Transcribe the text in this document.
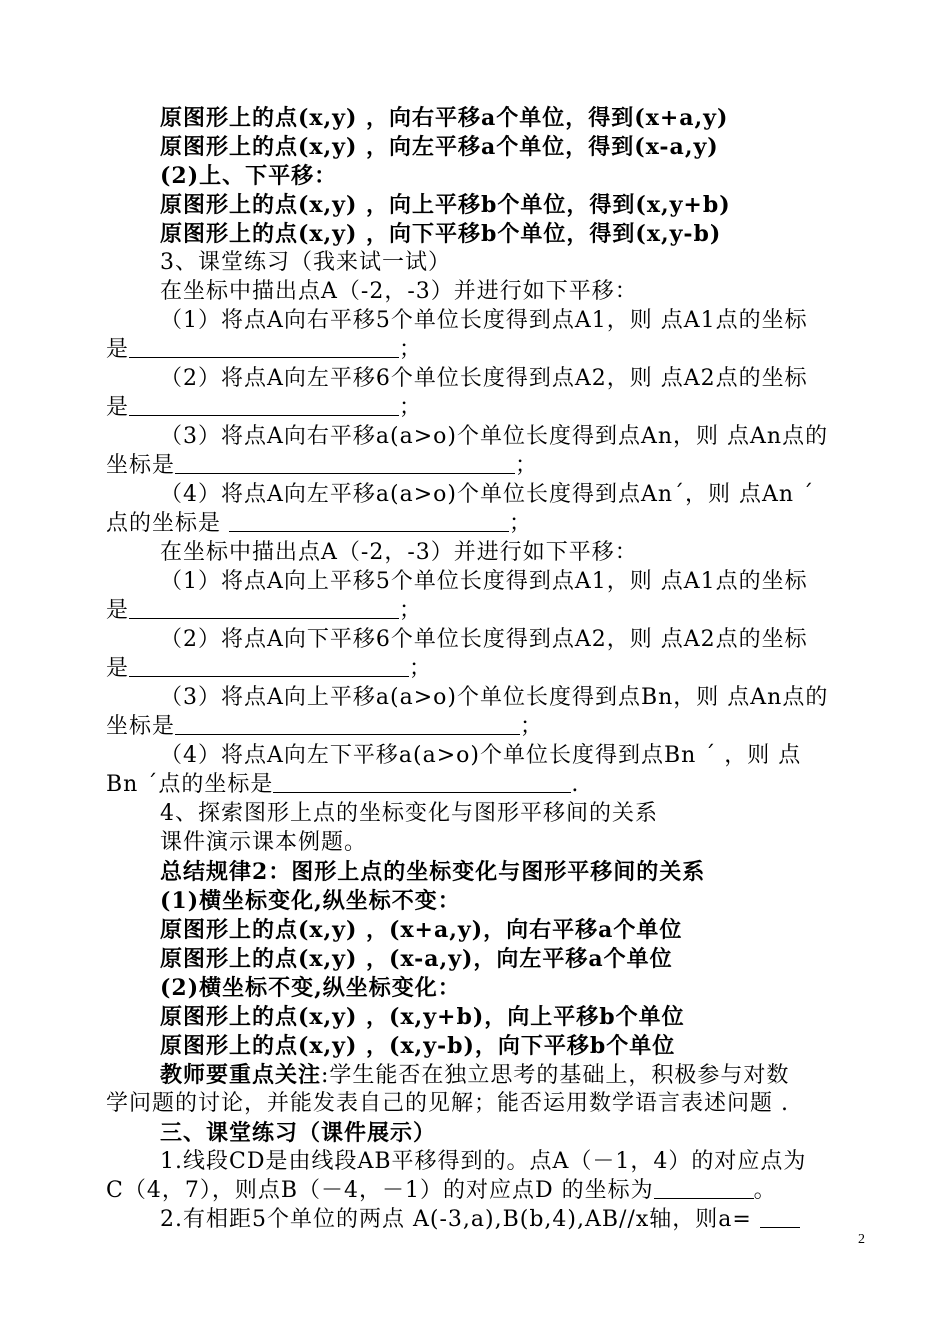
原图形上的点(x,y) ，向右平移a个单位，得到(x+a,y)
原图形上的点(x,y) ，向左平移a个单位，得到(x-a,y)
(2)上、下平移：
原图形上的点(x,y) ，向上平移b个单位，得到(x,y+b)
原图形上的点(x,y) ，向下平移b个单位，得到(x,y-b)
3、课堂练习（我来试一试）
在坐标中描出点A（-2，-3）并进行如下平移：
（1）将点A向右平移5个单位长度得到点A1，则 点A1点的坐标
是	；
（2）将点A向左平移6个单位长度得到点A2，则 点A2点的坐标
是	；
（3）将点A向右平移a(a>o)个单位长度得到点An，则 点An点的
坐标是	；
（4）将点A向左平移a(a>o)个单位长度得到点An´，则 点An ´
点的坐标是	；
在坐标中描出点A（-2，-3）并进行如下平移：
（1）将点A向上平移5个单位长度得到点A1，则 点A1点的坐标
是	；
（2）将点A向下平移6个单位长度得到点A2，则 点A2点的坐标
是	；
（3）将点A向上平移a(a>o)个单位长度得到点Bn，则 点An点的
坐标是	；
（4）将点A向左下平移a(a>o)个单位长度得到点Bn ´ ，则 点
Bn ´点的坐标是	.
4、探索图形上点的坐标变化与图形平移间的关系
课件演示课本例题。
总结规律2：图形上点的坐标变化与图形平移间的关系
(1)横坐标变化,纵坐标不变：
原图形上的点(x,y) ，(x+a,y)，向右平移a个单位
原图形上的点(x,y) ，(x-a,y)，向左平移a个单位
(2)横坐标不变,纵坐标变化：
原图形上的点(x,y) ，(x,y+b)，向上平移b个单位
原图形上的点(x,y) ，(x,y-b)，向下平移b个单位
教师要重点关注:学生能否在独立思考的基础上，积极参与对数
学问题的讨论，并能发表自己的见解；能否运用数学语言表述问题 .
三、课堂练习（课件展示）
1.线段CD是由线段AB平移得到的。点A（－1，4）的对应点为
C（4，7），则点B（－4，－1）的对应点D 的坐标为	。
2.有相距5个单位的两点 A(-3,a),B(b,4),AB//x轴，则a=
2
